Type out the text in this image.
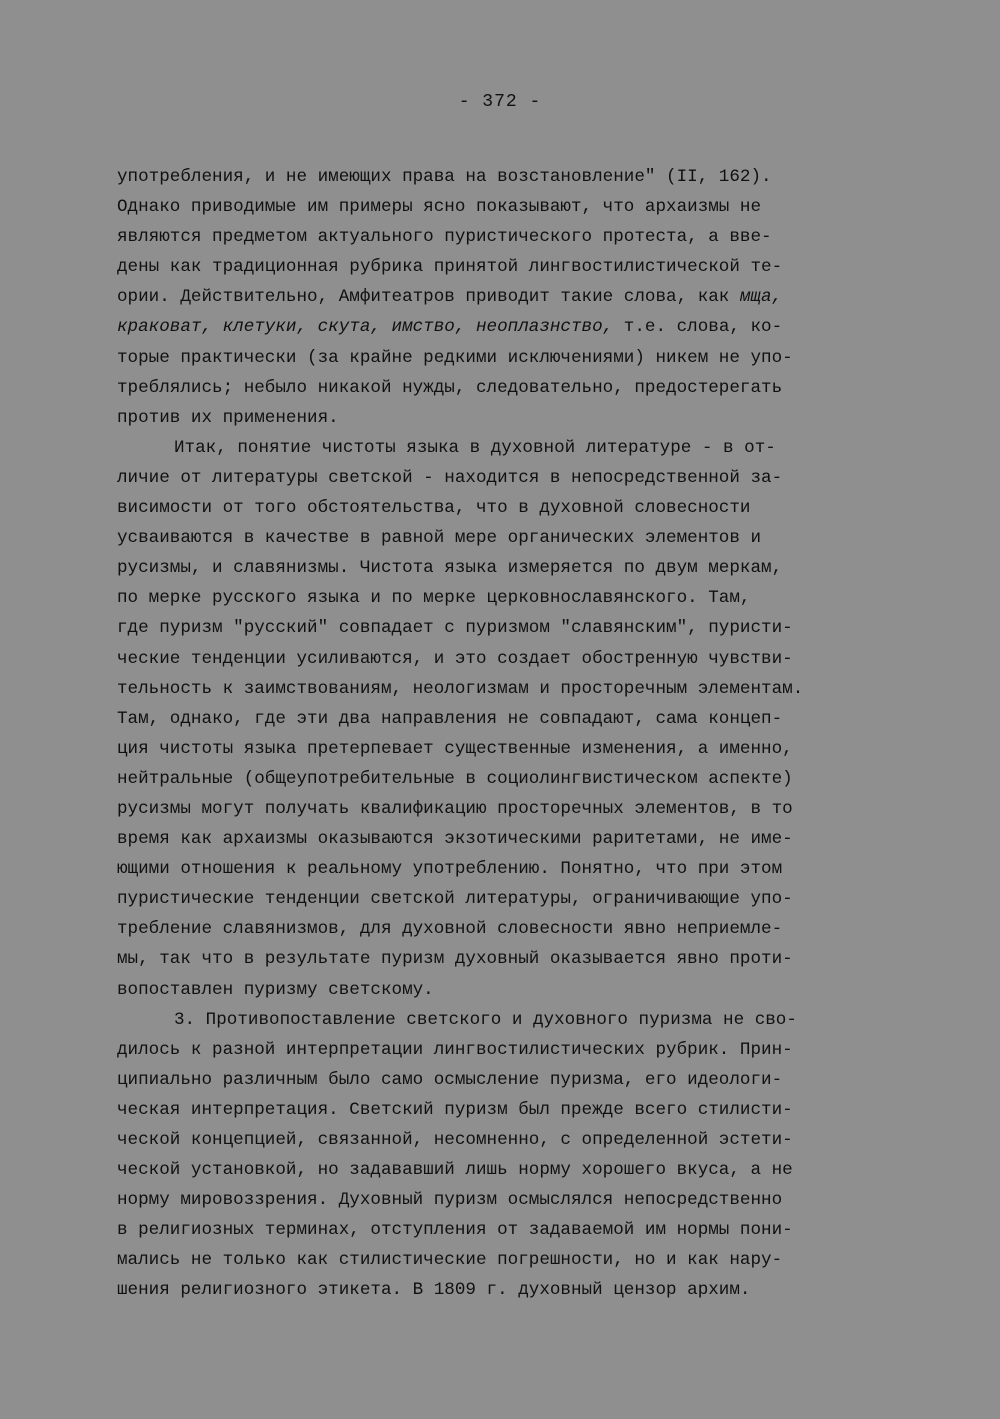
- 372 -
употребления, и не имеющих права на возстановление" (II, 162).
Однако приводимые им примеры ясно показывают, что архаизмы не
являются предметом актуального пуристического протеста, а вве-
дены как традиционная рубрика принятой лингвостилистической те-
ории. Действительно, Амфитеатров приводит такие слова, как мща,
краковат, клетуки, скута, имство, неоплазнство, т.е. слова, ко-
торые практически (за крайне редкими исключениями) никем не упо-
треблялись; небыло никакой нужды, следовательно, предостерегать
против их применения.
Итак, понятие чистоты языка в духовной литературе - в от-
личие от литературы светской - находится в непосредственной за-
висимости от того обстоятельства, что в духовной словесности
усваиваются в качестве в равной мере органических элементов и
русизмы, и славянизмы. Чистота языка измеряется по двум меркам,
по мерке русского языка и по мерке церковнославянского. Там,
где пуризм "русский" совпадает с пуризмом "славянским", пуристи-
ческие тенденции усиливаются, и это создает обостренную чувстви-
тельность к заимствованиям, неологизмам и просторечным элементам.
Там, однако, где эти два направления не совпадают, сама концеп-
ция чистоты языка претерпевает существенные изменения, а именно,
нейтральные (общеупотребительные в социолингвистическом аспекте)
русизмы могут получать квалификацию просторечных элементов, в то
время как архаизмы оказываются экзотическими раритетами, не име-
ющими отношения к реальному употреблению. Понятно, что при этом
пуристические тенденции светской литературы, ограничивающие упо-
требление славянизмов, для духовной словесности явно неприемле-
мы, так что в результате пуризм духовный оказывается явно проти-
вопоставлен пуризму светскому.
3. Противопоставление светского и духовного пуризма не сво-
дилось к разной интерпретации лингвостилистических рубрик. Прин-
ципиально различным было само осмысление пуризма, его идеологи-
ческая интерпретация. Светский пуризм был прежде всего стилисти-
ческой концепцией, связанной, несомненно, с определенной эстети-
ческой установкой, но задававший лишь норму хорошего вкуса, а не
норму мировоззрения. Духовный пуризм осмыслялся непосредственно
в религиозных терминах, отступления от задаваемой им нормы пони-
мались не только как стилистические погрешности, но и как нару-
шения религиозного этикета. В 1809 г. духовный цензор архим.
